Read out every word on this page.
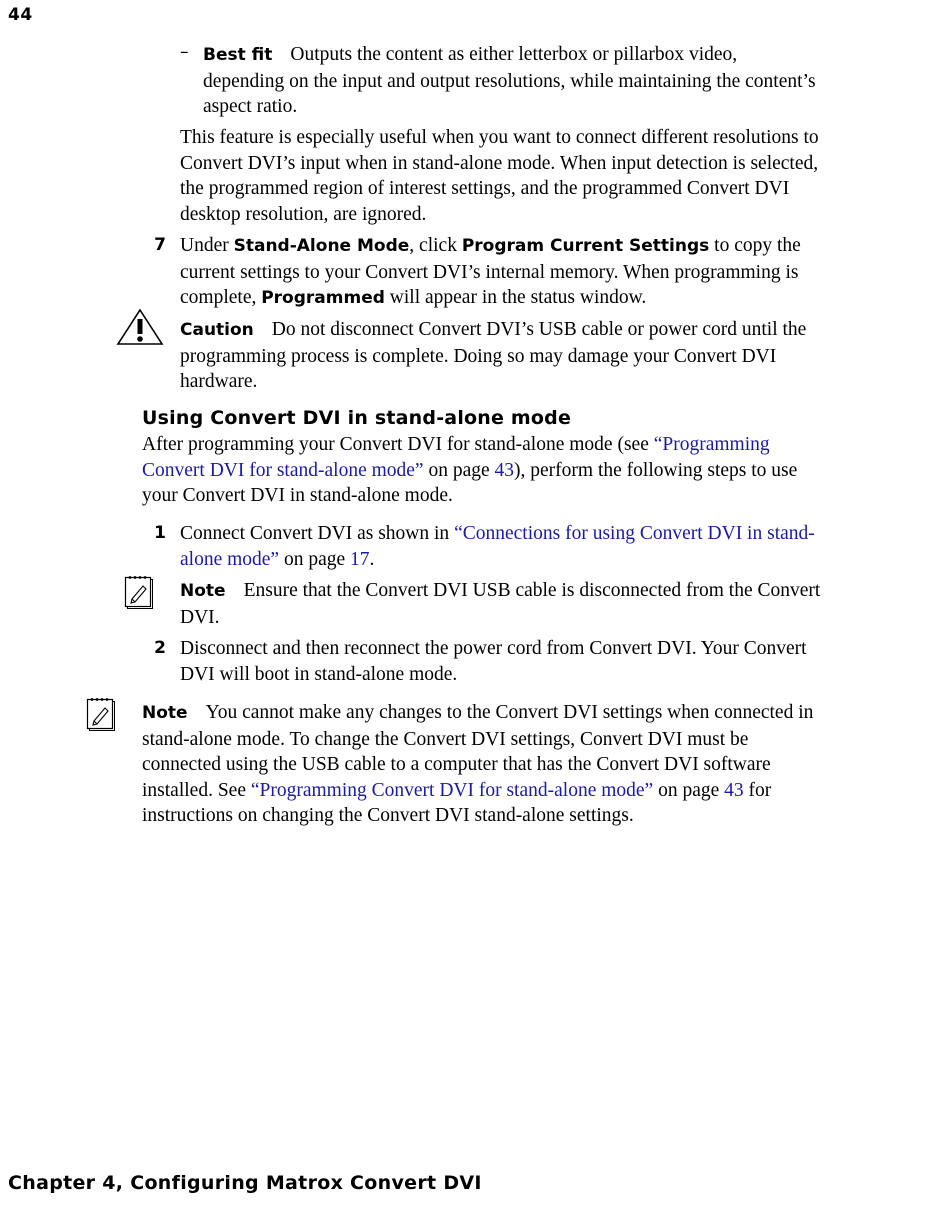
44
– Best fit Outputs the content as either letterbox or pillarbox video, depending on the input and output resolutions, while maintaining the content’s aspect ratio.
This feature is especially useful when you want to connect different resolutions to Convert DVI’s input when in stand-alone mode. When input detection is selected, the programmed region of interest settings, and the programmed Convert DVI desktop resolution, are ignored.
7 Under Stand-Alone Mode, click Program Current Settings to copy the current settings to your Convert DVI’s internal memory. When programming is complete, Programmed will appear in the status window.
Caution Do not disconnect Convert DVI’s USB cable or power cord until the programming process is complete. Doing so may damage your Convert DVI hardware.
Using Convert DVI in stand-alone mode
After programming your Convert DVI for stand-alone mode (see “Programming Convert DVI for stand-alone mode” on page 43), perform the following steps to use your Convert DVI in stand-alone mode.
1 Connect Convert DVI as shown in “Connections for using Convert DVI in stand-alone mode” on page 17.
Note Ensure that the Convert DVI USB cable is disconnected from the Convert DVI.
2 Disconnect and then reconnect the power cord from Convert DVI. Your Convert DVI will boot in stand-alone mode.
Note You cannot make any changes to the Convert DVI settings when connected in stand-alone mode. To change the Convert DVI settings, Convert DVI must be connected using the USB cable to a computer that has the Convert DVI software installed. See “Programming Convert DVI for stand-alone mode” on page 43 for instructions on changing the Convert DVI stand-alone settings.
Chapter 4, Configuring Matrox Convert DVI
